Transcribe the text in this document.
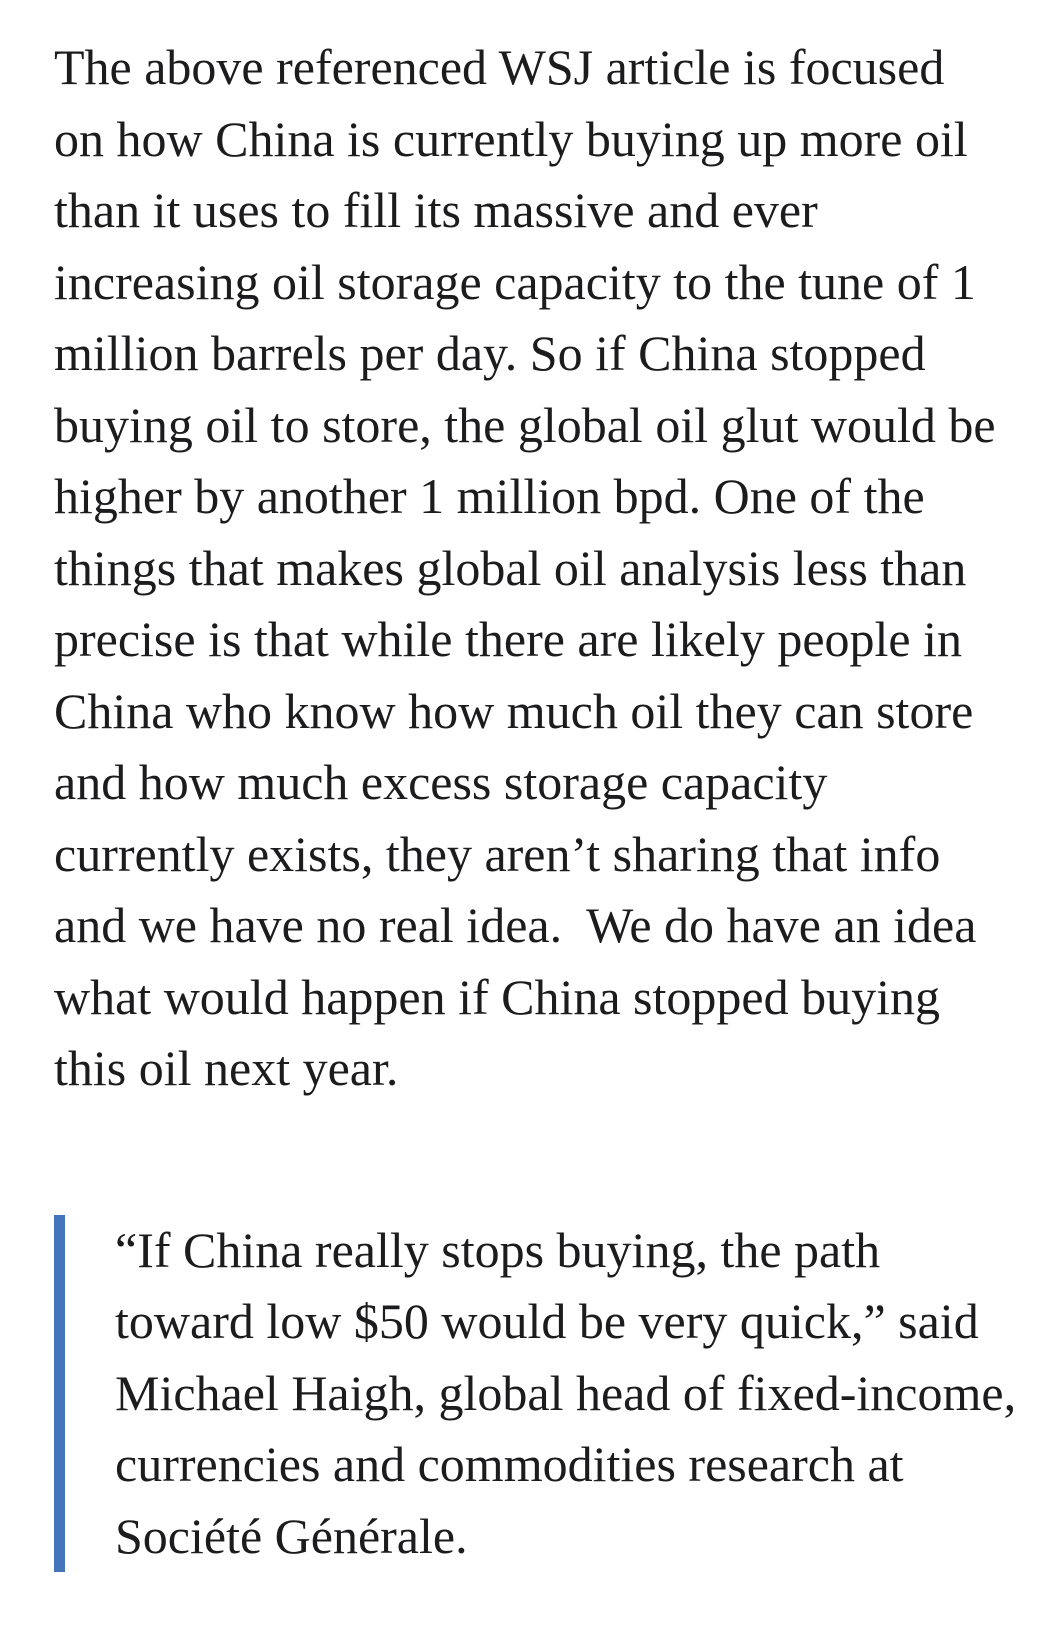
The above referenced WSJ article is focused on how China is currently buying up more oil than it uses to fill its massive and ever increasing oil storage capacity to the tune of 1 million barrels per day. So if China stopped buying oil to store, the global oil glut would be higher by another 1 million bpd. One of the things that makes global oil analysis less than precise is that while there are likely people in China who know how much oil they can store and how much excess storage capacity currently exists, they aren’t sharing that info and we have no real idea.  We do have an idea what would happen if China stopped buying this oil next year.

“If China really stops buying, the path toward low $50 would be very quick,” said Michael Haigh, global head of fixed-income, currencies and commodities research at Société Générale.
